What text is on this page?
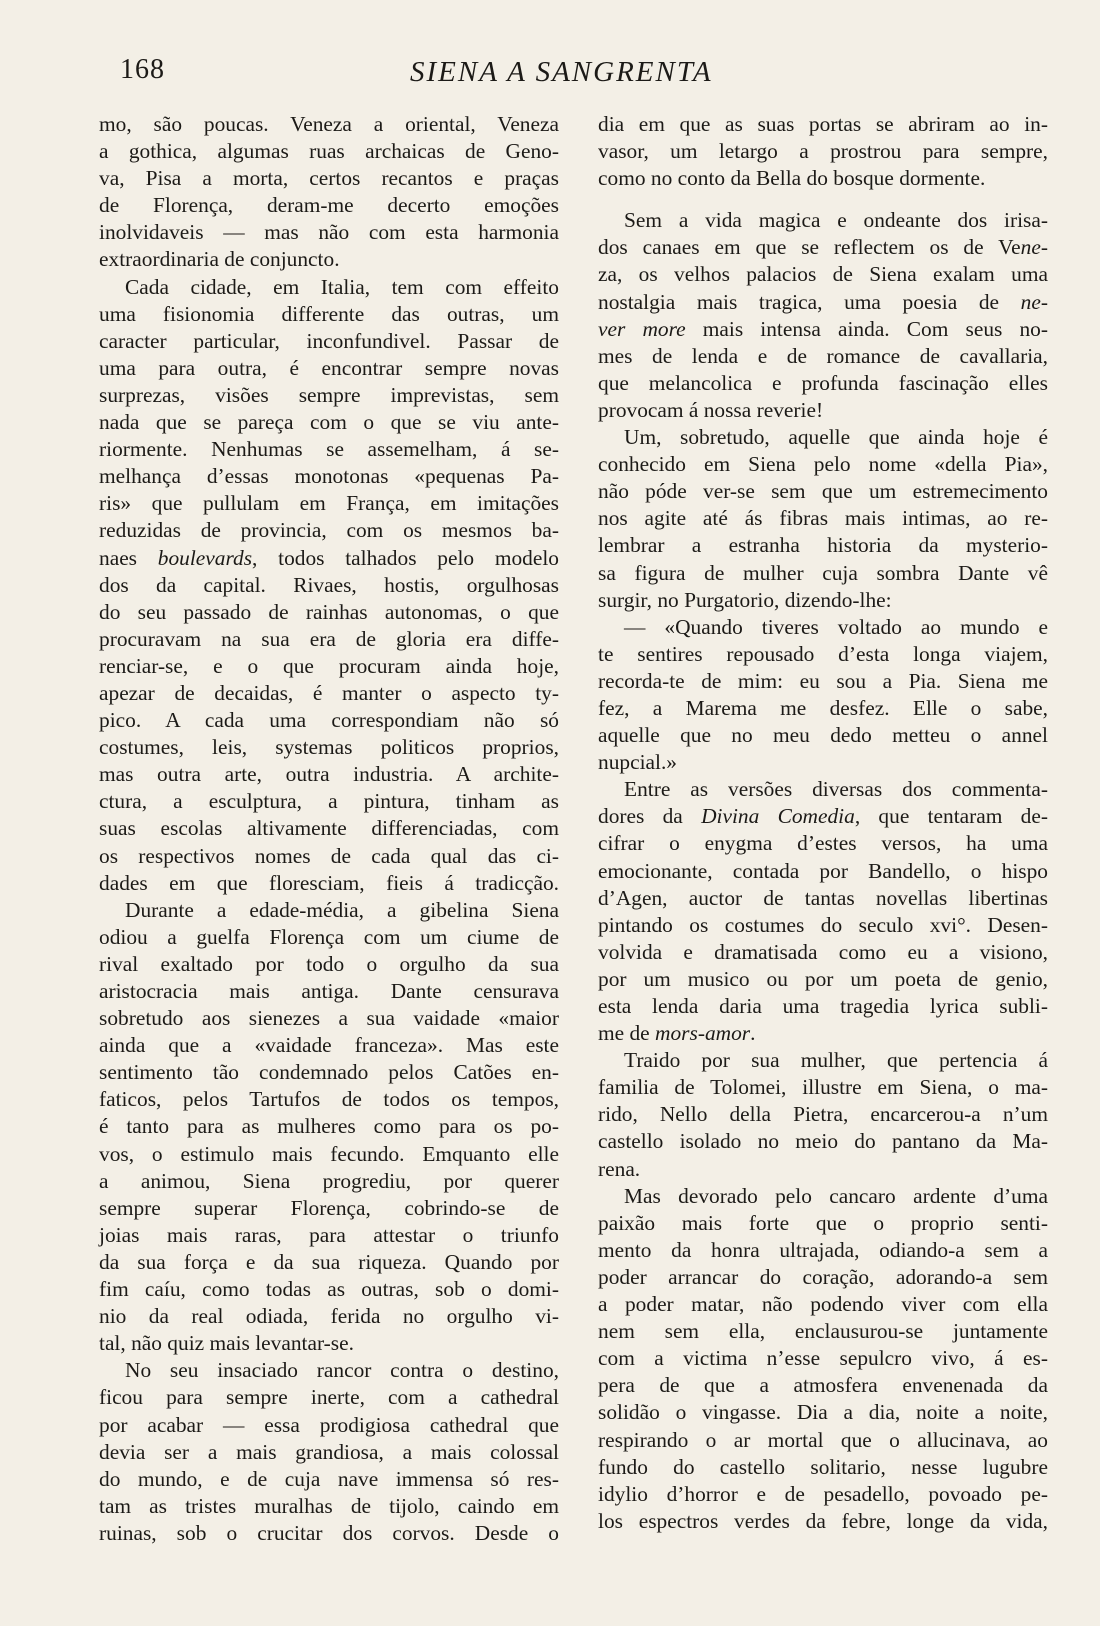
168	SIENA A SANGRENTA
mo, são poucas. Veneza a oriental, Veneza
a gothica, algumas ruas archaicas de Geno-
va, Pisa a morta, certos recantos e praças
de Florença, deram-me decerto emoções
inolvidaveis — mas não com esta harmonia
extraordinaria de conjuncto.
Cada cidade, em Italia, tem com effeito
uma fisionomia differente das outras, um
caracter particular, inconfundivel. Passar de
uma para outra, é encontrar sempre novas
surprezas, visões sempre imprevistas, sem
nada que se pareça com o que se viu ante-
riormente. Nenhumas se assemelham, á se-
melhança d’essas monotonas «pequenas Pa-
ris» que pullulam em França, em imitações
reduzidas de provincia, com os mesmos ba-
naes boulevards, todos talhados pelo modelo
dos da capital. Rivaes, hostis, orgulhosas
do seu passado de rainhas autonomas, o que
procuravam na sua era de gloria era diffe-
renciar-se, e o que procuram ainda hoje,
apezar de decaidas, é manter o aspecto ty-
pico. A cada uma correspondiam não só
costumes, leis, systemas politicos proprios,
mas outra arte, outra industria. A archite-
ctura, a esculptura, a pintura, tinham as
suas escolas altivamente differenciadas, com
os respectivos nomes de cada qual das ci-
dades em que floresciam, fieis á tradicção.
Durante a edade-média, a gibelina Siena
odiou a guelfa Florença com um ciume de
rival exaltado por todo o orgulho da sua
aristocracia mais antiga. Dante censurava
sobretudo aos sienezes a sua vaidade «maior
ainda que a «vaidade franceza». Mas este
sentimento tão condemnado pelos Catões en-
faticos, pelos Tartufos de todos os tempos,
é tanto para as mulheres como para os po-
vos, o estimulo mais fecundo. Emquanto elle
a animou, Siena progrediu, por querer
sempre superar Florença, cobrindo-se de
joias mais raras, para attestar o triunfo
da sua força e da sua riqueza. Quando por
fim caíu, como todas as outras, sob o domi-
nio da real odiada, ferida no orgulho vi-
tal, não quiz mais levantar-se.
No seu insaciado rancor contra o destino,
ficou para sempre inerte, com a cathedral
por acabar — essa prodigiosa cathedral que
devia ser a mais grandiosa, a mais colossal
do mundo, e de cuja nave immensa só res-
tam as tristes muralhas de tijolo, caindo em
ruinas, sob o crucitar dos corvos. Desde o
dia em que as suas portas se abriram ao in-
vasor, um letargo a prostrou para sempre,
como no conto da Bella do bosque dormente.
Sem a vida magica e ondeante dos irisa-
dos canaes em que se reflectem os de Vene-
za, os velhos palacios de Siena exalam uma
nostalgia mais tragica, uma poesia de ne-
ver more mais intensa ainda. Com seus no-
mes de lenda e de romance de cavallaria,
que melancolica e profunda fascinação elles
provocam á nossa reverie!
Um, sobretudo, aquelle que ainda hoje é
conhecido em Siena pelo nome «della Pia»,
não póde ver-se sem que um estremecimento
nos agite até ás fibras mais intimas, ao re-
lembrar a estranha historia da mysterio-
sa figura de mulher cuja sombra Dante vê
surgir, no Purgatorio, dizendo-lhe:
— «Quando tiveres voltado ao mundo e
te sentires repousado d’esta longa viajem,
recorda-te de mim: eu sou a Pia. Siena me
fez, a Marema me desfez. Elle o sabe,
aquelle que no meu dedo metteu o annel
nupcial.»
Entre as versões diversas dos commenta-
dores da Divina Comedia, que tentaram de-
cifrar o enygma d’estes versos, ha uma
emocionante, contada por Bandello, o hispo
d’Agen, auctor de tantas novellas libertinas
pintando os costumes do seculo xvi°. Desen-
volvida e dramatisada como eu a visiono,
por um musico ou por um poeta de genio,
esta lenda daria uma tragedia lyrica subli-
me de mors-amor.
Traido por sua mulher, que pertencia á
familia de Tolomei, illustre em Siena, o ma-
rido, Nello della Pietra, encarcerou-a n’um
castello isolado no meio do pantano da Ma-
rena.
Mas devorado pelo cancaro ardente d’uma
paixão mais forte que o proprio senti-
mento da honra ultrajada, odiando-a sem a
poder arrancar do coração, adorando-a sem
a poder matar, não podendo viver com ella
nem sem ella, enclausurou-se juntamente
com a victima n’esse sepulcro vivo, á es-
pera de que a atmosfera envenenada da
solidão o vingasse. Dia a dia, noite a noite,
respirando o ar mortal que o allucinava, ao
fundo do castello solitario, nesse lugubre
idylio d’horror e de pesadello, povoado pe-
los espectros verdes da febre, longe da vida,
